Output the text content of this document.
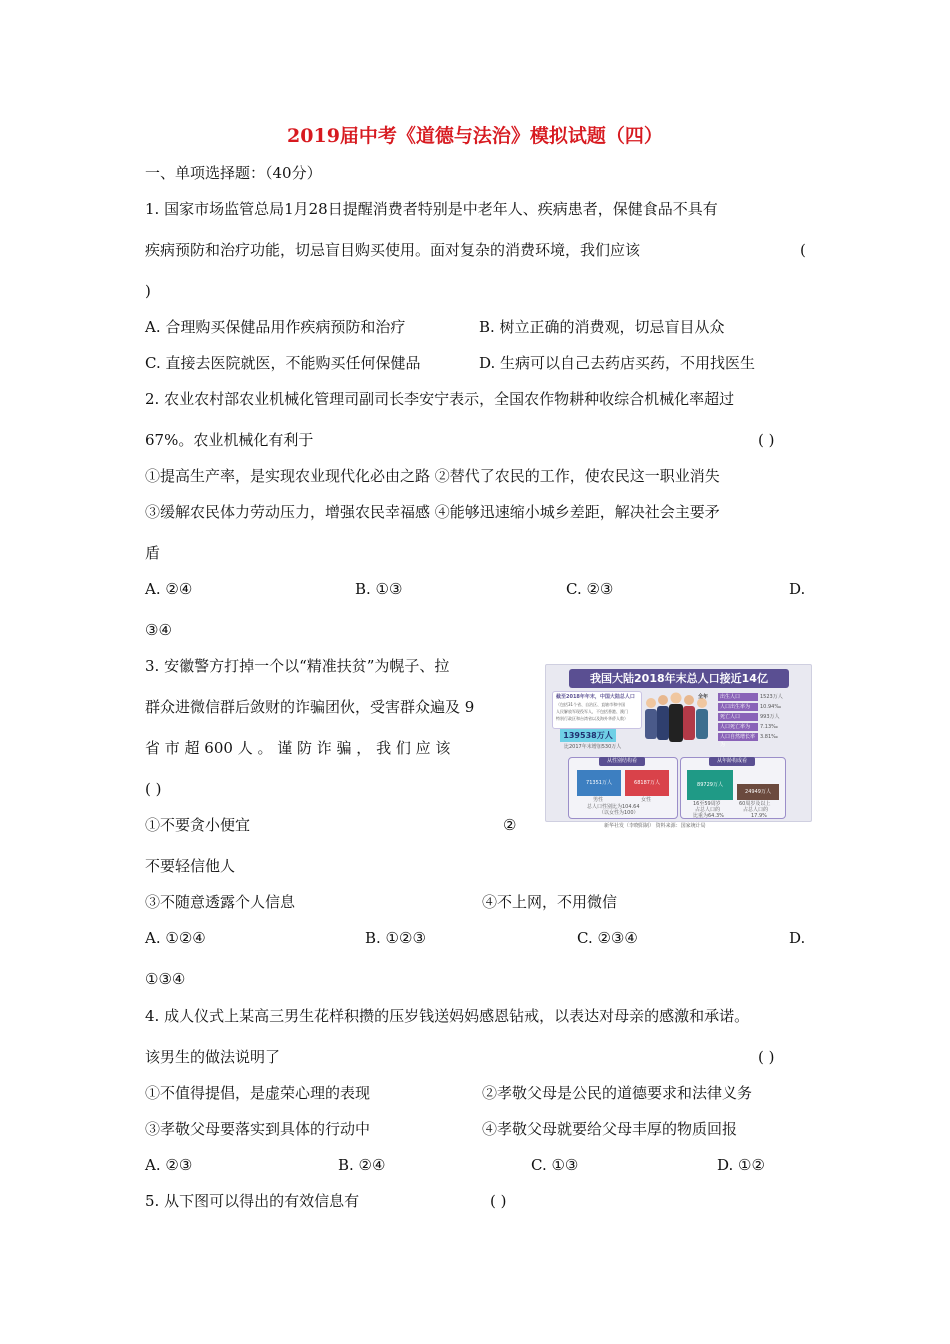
2019届中考《道德与法治》模拟试题（四）
一、单项选择题：（40分）
1. 国家市场监管总局1月28日提醒消费者特别是中老年人、疾病患者，保健食品不具有
疾病预防和治疗功能，切忌盲目购买使用。面对复杂的消费环境，我们应该	(
)
A. 合理购买保健品用作疾病预防和治疗	B. 树立正确的消费观，切忌盲目从众
C. 直接去医院就医，不能购买任何保健品	D. 生病可以自己去药店买药，不用找医生
2. 农业农村部农业机械化管理司副司长李安宁表示，全国农作物耕种收综合机械化率超过
67%。农业机械化有利于	( )
①提高生产率，是实现农业现代化必由之路 ②替代了农民的工作，使农民这一职业消失
③缓解农民体力劳动压力，增强农民幸福感 ④能够迅速缩小城乡差距，解决社会主要矛
盾
A. ②④	B. ①③	C. ②③	D.
③④
3. 安徽警方打掉一个以“精准扶贫”为幌子、拉
群众进微信群后敛财的诈骗团伙，受害群众遍及 9
省 市 超 600 人 。 谨 防 诈 骗 ， 我 们 应 该
( )
①不要贪小便宜	②
不要轻信他人
③不随意透露个人信息	④不上网，不用微信
A. ①②④	B. ①②③	C. ②③④	D.
①③④
我国大陆2018年末总人口接近14亿
截至2018年年末，中国大陆总人口
（包括31个省、自治区、直辖市和中国
人民解放军现役军人，不包括香港、澳门
特别行政区和台湾省以及海外华侨人数）
139538万人
比2017年末增加530万人
全年	出生人口	1523万人
人口出生率为	10.94‰
死亡人口	993万人
人口死亡率为	7.13‰
人口自然增长率为
3.81‰
从性别结构看
71351万人	68187万人
男性	女性
总人口性别比为104.64
（以女性为100）
从年龄构成看
89729万人
24949万人
16至59周岁	60周岁及以上
占总人口的
比重为64.3%
占总人口的
17.9%
新华社发（李晓阳制） 资料来源：国家统计局
4. 成人仪式上某高三男生花样积攒的压岁钱送妈妈感恩钻戒，以表达对母亲的感激和承诺。
该男生的做法说明了	( )
①不值得提倡，是虚荣心理的表现	②孝敬父母是公民的道德要求和法律义务
③孝敬父母要落实到具体的行动中	④孝敬父母就要给父母丰厚的物质回报
A. ②③	B. ②④	C. ①③	D. ①②
5. 从下图可以得出的有效信息有	( )
